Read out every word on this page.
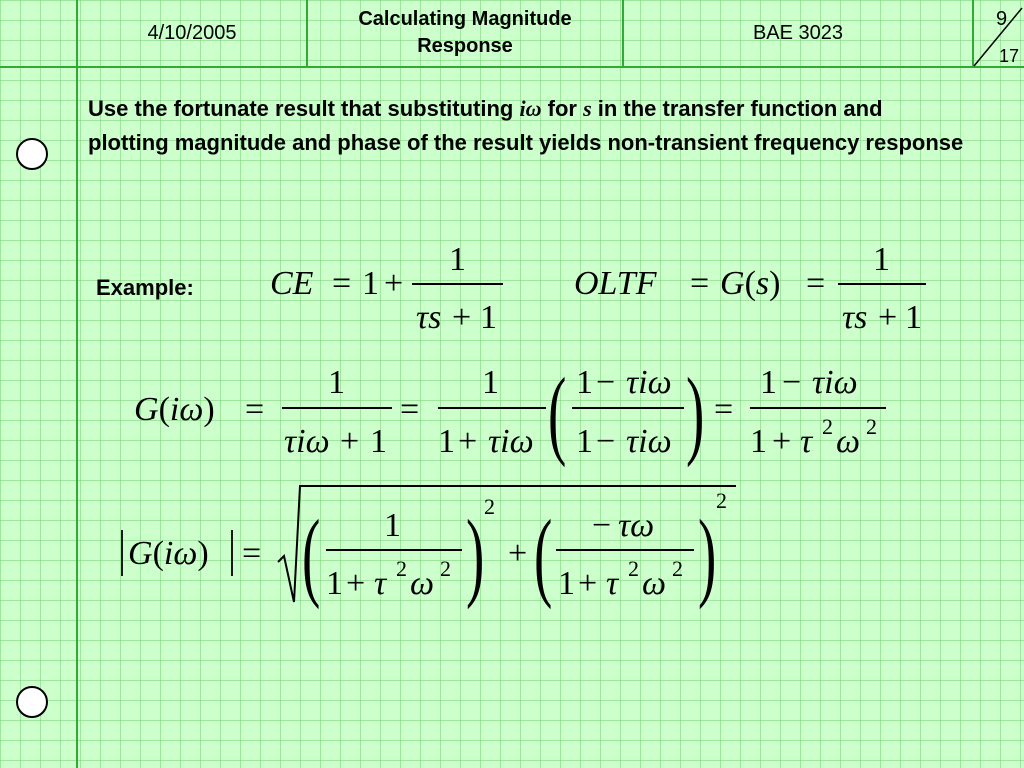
4/10/2005
Calculating Magnitude
Response
BAE 3023
9
17
Use the fortunate result that substituting iω for s in the transfer function and plotting magnitude and phase of the result yields non-transient frequency response
Example: CE = 1 +
1
τs + 1
OLTF = G(s) =
1
τs + 1
G(iω) =
1
τiω + 1
=
1
1 + τiω ( 1 − τiω
1 − τiω ) =
1 − τiω
1 + τ 2 ω 2
G(iω) = ( 1
1 + τ 2 ω 2 ) 2
+ ( − τω
1 + τ 2 ω 2 ) 2
